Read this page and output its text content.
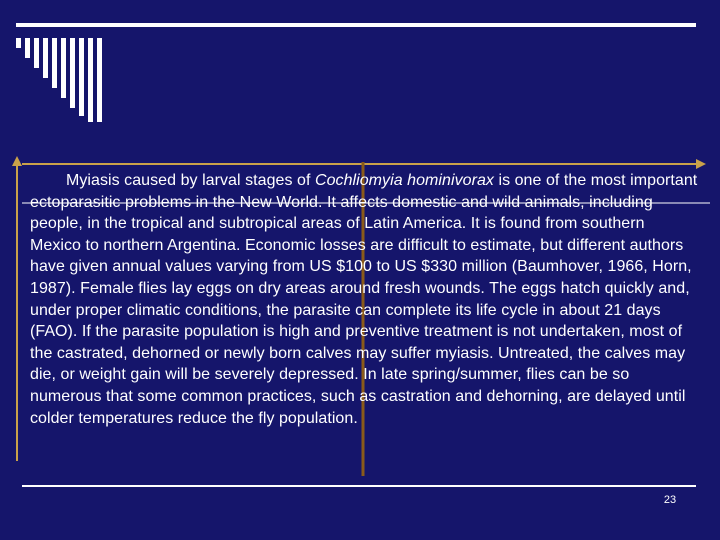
Myiasis caused by larval stages of Cochliomyia hominivorax is one of the most important ectoparasitic problems in the New World. It affects domestic and wild animals, including people, in the tropical and subtropical areas of Latin America. It is found from southern Mexico to northern Argentina. Economic losses are difficult to estimate, but different authors have given annual values varying from US $100 to US $330 million (Baumhover, 1966, Horn, 1987). Female flies lay eggs on dry areas around fresh wounds. The eggs hatch quickly and, under proper climatic conditions, the parasite can complete its life cycle in about 21 days (FAO). If the parasite population is high and preventive treatment is not undertaken, most of the castrated, dehorned or newly born calves may suffer myiasis. Untreated, the calves may die, or weight gain will be severely depressed. In late spring/summer, flies can be so numerous that some common practices, such as castration and dehorning, are delayed until colder temperatures reduce the fly population.

23
